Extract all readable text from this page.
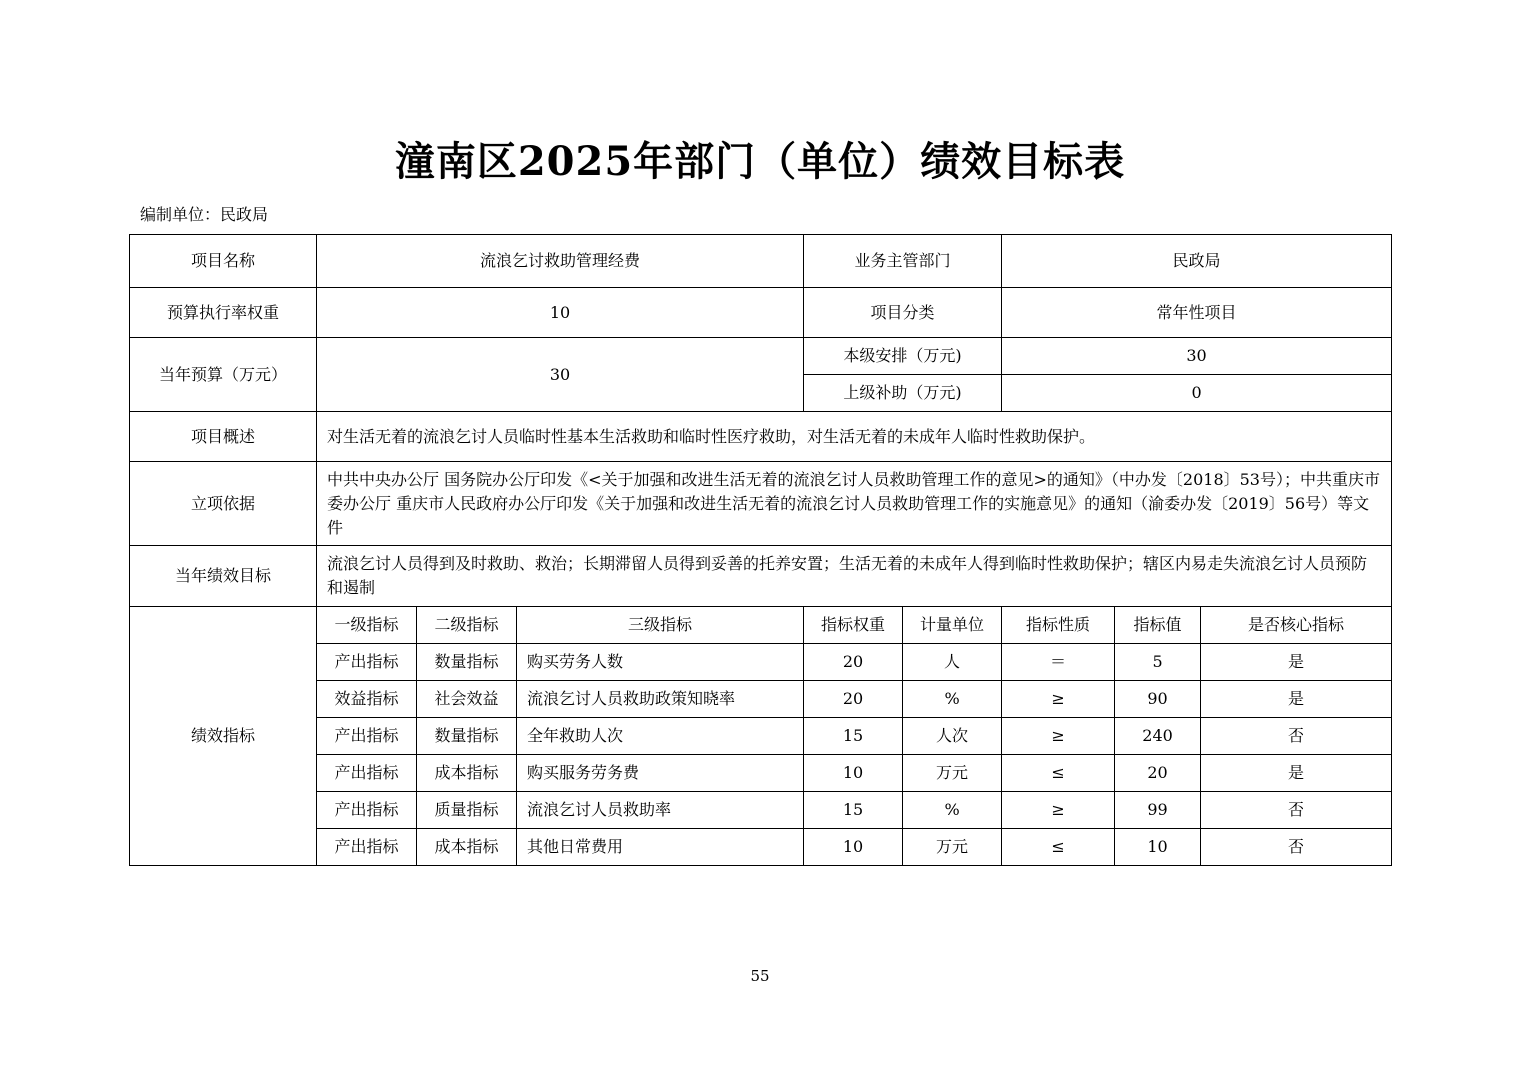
潼南区2025年部门（单位）绩效目标表
编制单位：民政局
项目名称	流浪乞讨救助管理经费			业务主管部门		民政局		
预算执行率权重	10			项目分类		常年性项目		
当年预算（万元）	30			本级安排（万元)		30		
				上级补助（万元)		0		
项目概述	对生活无着的流浪乞讨人员临时性基本生活救助和临时性医疗救助，对生活无着的未成年人临时性救助保护。							
立项依据	中共中央办公厅 国务院办公厅印发《<关于加强和改进生活无着的流浪乞讨人员救助管理工作的意见>的通知》（中办发〔2018〕53号）；中共重庆市委办公厅 重庆市人民政府办公厅印发《关于加强和改进生活无着的流浪乞讨人员救助管理工作的实施意见》的通知（渝委办发〔2019〕56号）等文件							
当年绩效目标	流浪乞讨人员得到及时救助、救治；长期滞留人员得到妥善的托养安置；生活无着的未成年人得到临时性救助保护；辖区内易走失流浪乞讨人员预防和遏制							
绩效指标	一级指标	二级指标	三级指标	指标权重	计量单位	指标性质	指标值	是否核心指标
	产出指标	数量指标	购买劳务人数	20	人	＝	5	是
	效益指标	社会效益	流浪乞讨人员救助政策知晓率	20	%	≥	90	是
	产出指标	数量指标	全年救助人次	15	人次	≥	240	否
	产出指标	成本指标	购买服务劳务费	10	万元	≤	20	是
	产出指标	质量指标	流浪乞讨人员救助率	15	%	≥	99	否
	产出指标	成本指标	其他日常费用	10	万元	≤	10	否
55
